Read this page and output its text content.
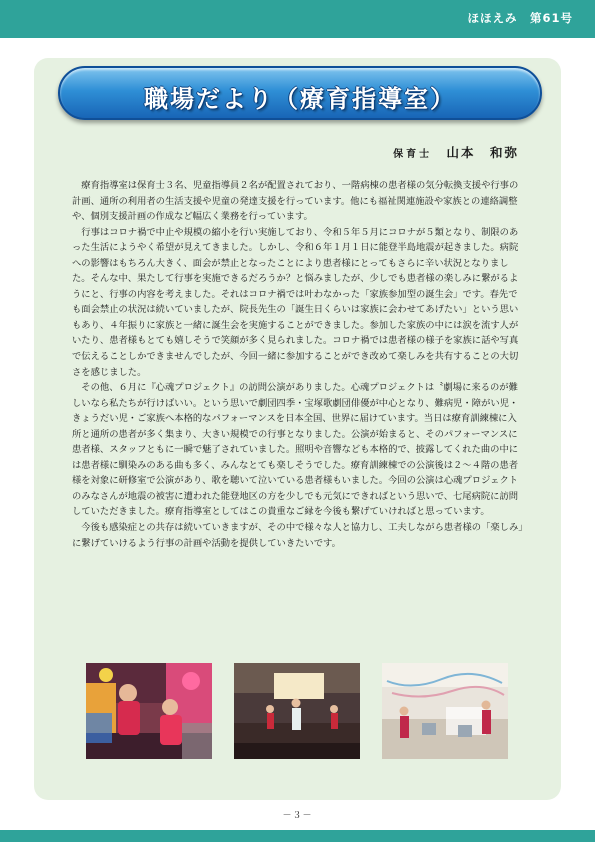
ほほえみ　第61号
職場だより（療育指導室）
保育士 山本　和弥

療育指導室は保育士３名、児童指導員２名が配置されており、一階病棟の患者様の気分転換支援や行事の計画、通所の利用者の生活支援や児童の発達支援を行っています。他にも福祉関連施設や家族との連絡調整や、個別支援計画の作成など幅広く業務を行っています。

行事はコロナ禍で中止や規模の縮小を行い実施しており、令和５年５月にコロナが５類となり、制限のあった生活にようやく希望が見えてきました。しかし、令和６年１月１日に能登半島地震が起きました。病院への影響はもちろん大きく、面会が禁止となったことにより患者様にとってもさらに辛い状況となりました。そんな中、果たして行事を実施できるだろうか？と悩みましたが、少しでも患者様の楽しみに繋がるようにと、行事の内容を考えました。それはコロナ禍では叶わなかった「家族参加型の誕生会」です。春先でも面会禁止の状況は続いていましたが、院長先生の「誕生日くらいは家族に会わせてあげたい」という思いもあり、４年振りに家族と一緒に誕生会を実施することができました。参加した家族の中には涙を流す人がいたり、患者様もとても嬉しそうで笑顔が多く見られました。コロナ禍では患者様の様子を家族に話や写真で伝えることしかできませんでしたが、今回一緒に参加することができ改めて楽しみを共有することの大切さを感じました。

その他、６月に『心魂プロジェクト』の訪問公演がありました。心魂プロジェクトは〝劇場に来るのが難しいなら私たちが行けばいい。という思いで劇団四季・宝塚歌劇団俳優が中心となり、難病児・障がい児・きょうだい児・ご家族へ本格的なパフォーマンスを日本全国、世界に届けています。当日は療育訓練棟に入所と通所の患者が多く集まり、大きい規模での行事となりました。公演が始まると、そのパフォーマンスに患者様、スタッフともに一瞬で魅了されていました。照明や音響なども本格的で、披露してくれた曲の中には患者様に馴染みのある曲も多く、みんなとても楽しそうでした。療育訓練棟での公演後は２～４階の患者様を対象に研修室で公演があり、歌を聴いて泣いている患者様もいました。今回の公演は心魂プロジェクトのみなさんが地震の被害に遭われた能登地区の方を少しでも元気にできればという思いで、七尾病院に訪問していただきました。療育指導室としてはこの貴重なご縁を今後も繋げていければと思っています。

今後も感染症との共存は続いていきますが、その中で様々な人と協力し、工夫しながら患者様の「楽しみ」に繋げていけるよう行事の計画や活動を提供していきたいです。

－３－
